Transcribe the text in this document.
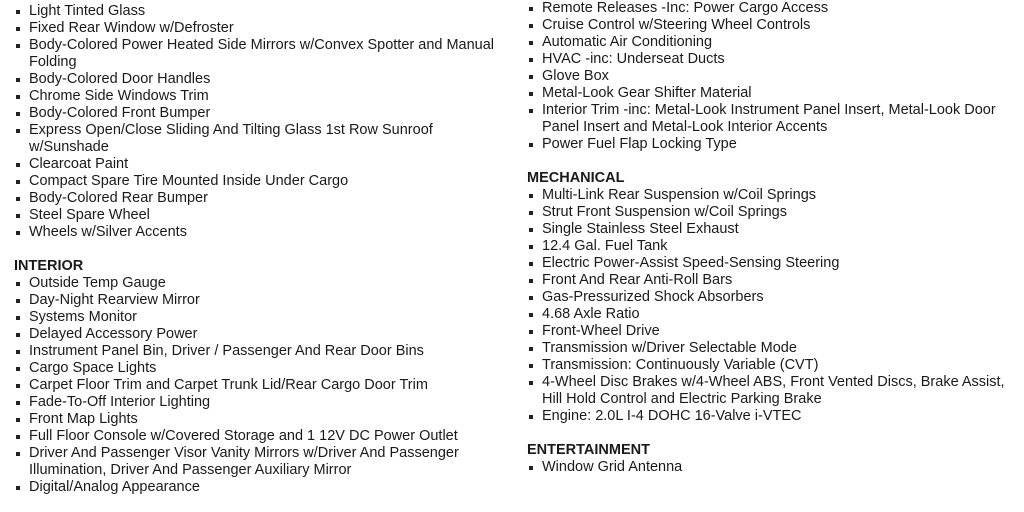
Light Tinted Glass
Fixed Rear Window w/Defroster
Body-Colored Power Heated Side Mirrors w/Convex Spotter and Manual Folding
Body-Colored Door Handles
Chrome Side Windows Trim
Body-Colored Front Bumper
Express Open/Close Sliding And Tilting Glass 1st Row Sunroof w/Sunshade
Clearcoat Paint
Compact Spare Tire Mounted Inside Under Cargo
Body-Colored Rear Bumper
Steel Spare Wheel
Wheels w/Silver Accents
INTERIOR
Outside Temp Gauge
Day-Night Rearview Mirror
Systems Monitor
Delayed Accessory Power
Instrument Panel Bin, Driver / Passenger And Rear Door Bins
Cargo Space Lights
Carpet Floor Trim and Carpet Trunk Lid/Rear Cargo Door Trim
Fade-To-Off Interior Lighting
Front Map Lights
Full Floor Console w/Covered Storage and 1 12V DC Power Outlet
Driver And Passenger Visor Vanity Mirrors w/Driver And Passenger Illumination, Driver And Passenger Auxiliary Mirror
Digital/Analog Appearance
Remote Releases -Inc: Power Cargo Access
Cruise Control w/Steering Wheel Controls
Automatic Air Conditioning
HVAC -inc: Underseat Ducts
Glove Box
Metal-Look Gear Shifter Material
Interior Trim -inc: Metal-Look Instrument Panel Insert, Metal-Look Door Panel Insert and Metal-Look Interior Accents
Power Fuel Flap Locking Type
MECHANICAL
Multi-Link Rear Suspension w/Coil Springs
Strut Front Suspension w/Coil Springs
Single Stainless Steel Exhaust
12.4 Gal. Fuel Tank
Electric Power-Assist Speed-Sensing Steering
Front And Rear Anti-Roll Bars
Gas-Pressurized Shock Absorbers
4.68 Axle Ratio
Front-Wheel Drive
Transmission w/Driver Selectable Mode
Transmission: Continuously Variable (CVT)
4-Wheel Disc Brakes w/4-Wheel ABS, Front Vented Discs, Brake Assist, Hill Hold Control and Electric Parking Brake
Engine: 2.0L I-4 DOHC 16-Valve i-VTEC
ENTERTAINMENT
Window Grid Antenna
